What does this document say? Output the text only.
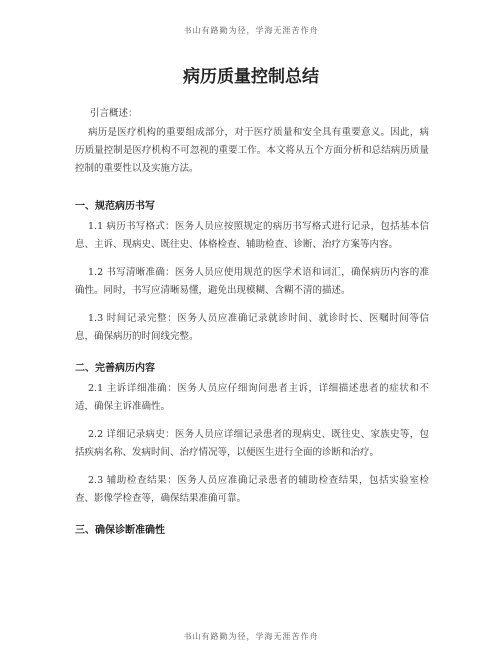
书山有路勤为径，学海无涯苦作舟
病历质量控制总结
引言概述：
病历是医疗机构的重要组成部分，对于医疗质量和安全具有重要意义。因此，病历质量控制是医疗机构不可忽视的重要工作。本文将从五个方面分析和总结病历质量控制的重要性以及实施方法。
一、规范病历书写
1.1 病历书写格式：医务人员应按照规定的病历书写格式进行记录，包括基本信息、主诉、现病史、既往史、体格检查、辅助检查、诊断、治疗方案等内容。
1.2 书写清晰准确：医务人员应使用规范的医学术语和词汇，确保病历内容的准确性。同时，书写应清晰易懂，避免出现模糊、含糊不清的描述。
1.3 时间记录完整：医务人员应准确记录就诊时间、就诊时长、医嘱时间等信息，确保病历的时间线完整。
二、完善病历内容
2.1 主诉详细准确：医务人员应仔细询问患者主诉，详细描述患者的症状和不适，确保主诉准确性。
2.2 详细记录病史：医务人员应详细记录患者的现病史、既往史、家族史等，包括疾病名称、发病时间、治疗情况等，以便医生进行全面的诊断和治疗。
2.3 辅助检查结果：医务人员应准确记录患者的辅助检查结果，包括实验室检查、影像学检查等，确保结果准确可靠。
三、确保诊断准确性
书山有路勤为径，学海无涯苦作舟
